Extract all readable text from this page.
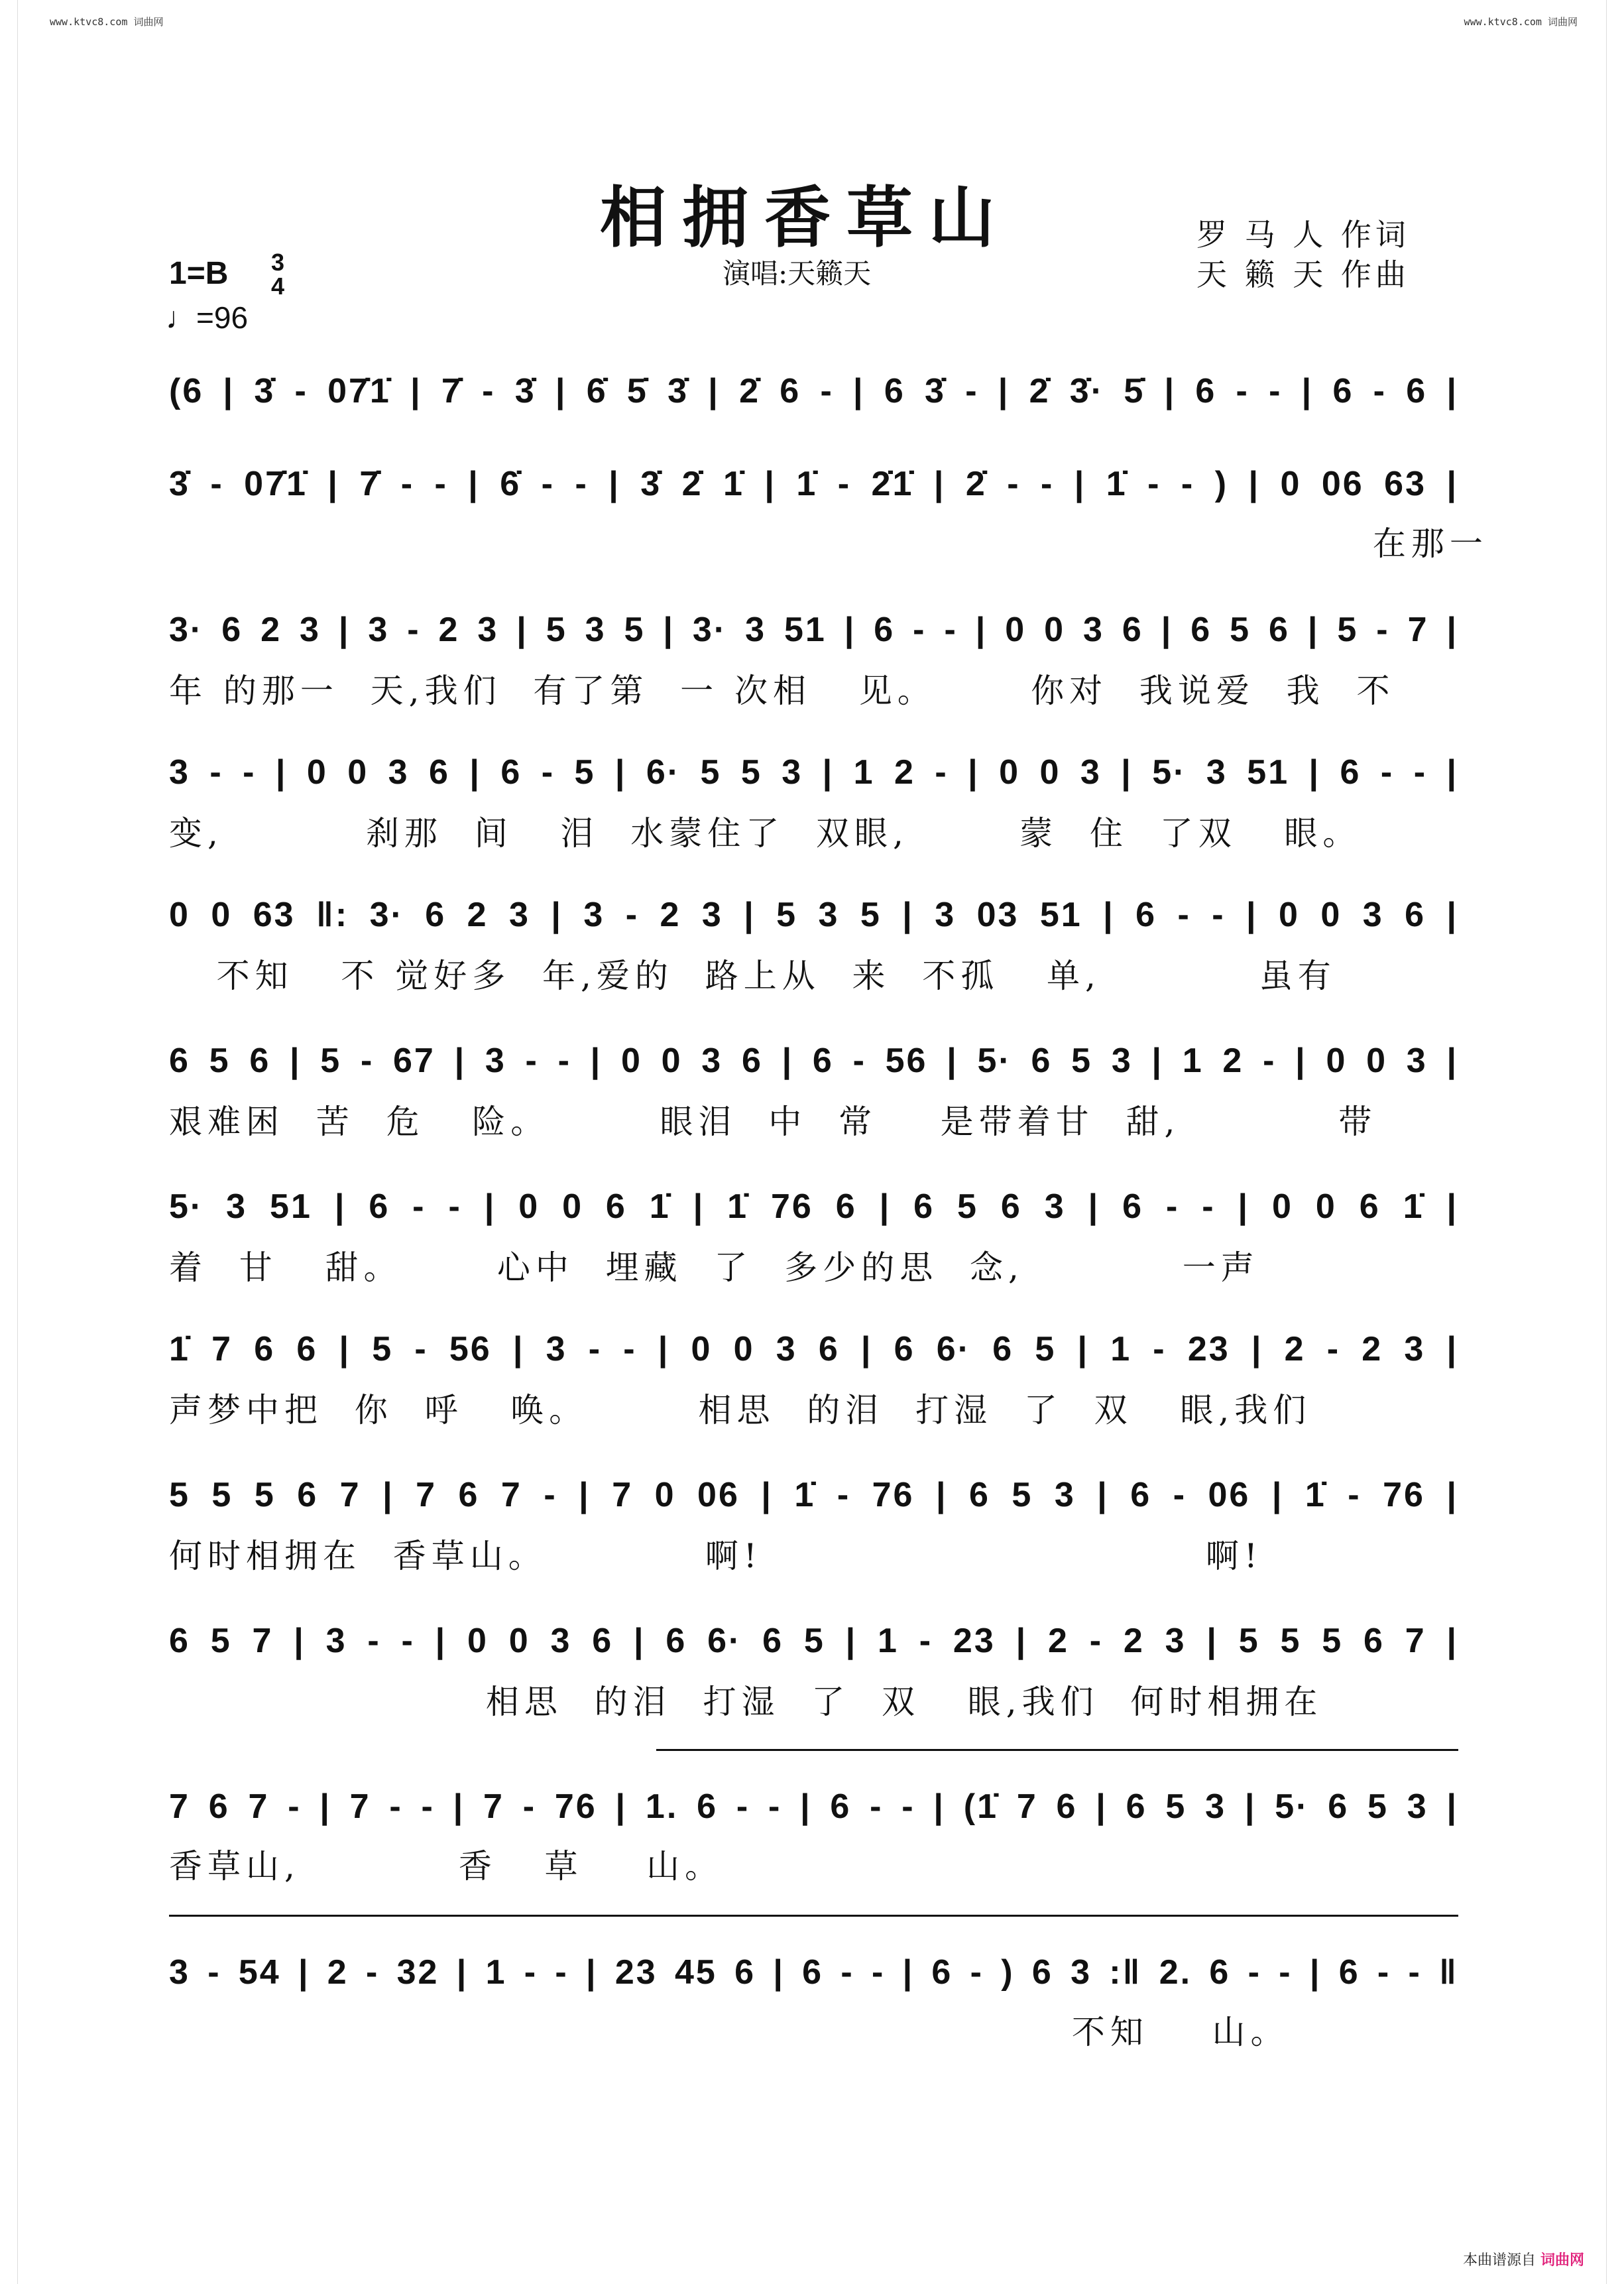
www.ktvc8.com 词曲网	www.ktvc8.com 词曲网
相拥香草山
演唱:天籁天
罗 马 人 作词
天 籁 天 作曲
1=B 3
4
♩=96
(6 | 3̇ - 07̇1̇ | 7̇ - 3̇ | 6̇ 5̇ 3̇ | 2̇ 6 - | 6 3̇ - | 2̇ 3̇· 5̇ | 6 - - | 6 - 6 |
3̇ - 07̇1̇ | 7̇ - - | 6̇ - - | 3̇ 2̇ 1̇ | 1̇ - 2̇1̇ | 2̇ - - | 1̇ - - ) | 0 06 63 |
在那一
3· 6 2 3 | 3 - 2 3 | 5 3 5 | 3· 3 51 | 6 - - | 0 0 3 6 | 6 5 6 | 5 - 7 |
年 的那一  天,我们  有了第  一 次相   见。      你对  我说爱  我  不
3 - - | 0 0 3 6 | 6 - 5 | 6· 5 5 3 | 1 2 - | 0 0 3 | 5· 3 51 | 6 - - |
变,         刹那  间   泪  水蒙住了  双眼,       蒙  住  了双   眼。
0 0 63 ‖: 3· 6 2 3 | 3 - 2 3 | 5 3 5 | 3 03 51 | 6 - - | 0 0 3 6 |
不知   不 觉好多  年,爱的  路上从  来  不孤   单,          虽有
6 5 6 | 5 - 67 | 3 - - | 0 0 3 6 | 6 - 56 | 5· 6 5 3 | 1 2 - | 0 0 3 |
艰难困  苦  危   险。       眼泪  中  常    是带着甘  甜,          带
5· 3 51 | 6 - - | 0 0 6 1̇ | 1̇ 76 6 | 6 5 6 3 | 6 - - | 0 0 6 1̇ |
着  甘   甜。      心中  埋藏  了  多少的思  念,          一声
1̇ 7 6 6 | 5 - 56 | 3 - - | 0 0 3 6 | 6 6· 6 5 | 1 - 23 | 2 - 2 3 |
声梦中把  你  呼   唤。       相思  的泪  打湿  了  双   眼,我们
5 5 5 6 7 | 7 6 7 - | 7 0 06 | 1̇ - 76 | 6 5 3 | 6 - 06 | 1̇ - 76 |
何时相拥在  香草山。          啊!                            啊!
6 5 7 | 3 - - | 0 0 3 6 | 6 6· 6 5 | 1 - 23 | 2 - 2 3 | 5 5 5 6 7 |
相思  的泪  打湿  了  双   眼,我们  何时相拥在
7 6 7 - | 7 - - | 7 - 76 | 1. 6 - - | 6 - - | (1̇ 7 6 | 6 5 3 | 5· 6 5 3 |
香草山,          香   草    山。
3 - 54 | 2 - 32 | 1 - - | 23 45 6 | 6 - - | 6 - ) 6 3 :‖ 2. 6 - - | 6 - - ‖
不知    山。
本曲谱源自 词曲网
